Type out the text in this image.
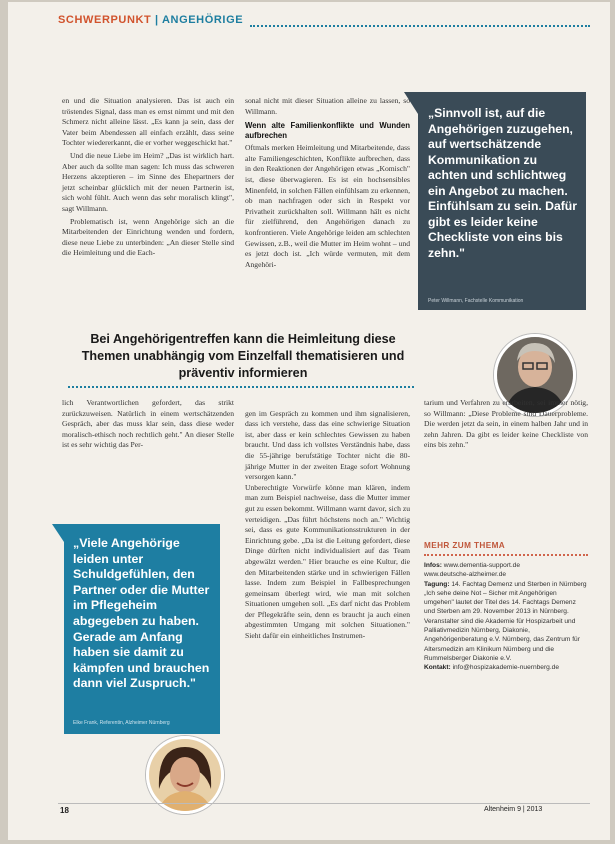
SCHWERPUNKT | ANGEHÖRIGE

en und die Situation analysieren. Das ist auch ein tröstendes Signal, dass man es ernst nimmt und mit den Schmerz nicht alleine lässt. „Es kann ja sein, dass der Vater beim Abendessen all einfach erzählt, dass seine Tochter wiedererkannt, die er vorher weggeschickt hat."

Und die neue Liebe im Heim? „Das ist wirklich hart. Aber auch da sollte man sagen: Ich muss das schweren Herzens akzeptieren – im Sinne des Ehepartners der jetzt scheinbar glücklich mit der neuen Partnerin ist, sich wohl fühlt. Auch wenn das sehr moralisch klingt", sagt Willmann.

Problematisch ist, wenn Angehörige sich an die Mitarbeitenden der Einrichtung wenden und fordern, diese neue Liebe zu unterbinden: „An dieser Stelle sind die Heimleitung und die Each-

sonal nicht mit dieser Situation alleine zu lassen, so Willmann.

Wenn alte Familienkonflikte und Wunden aufbrechen

Oftmals merken Heimleitung und Mitarbeitende, dass alte Familiengeschichten, Konflikte aufbrechen, dass in den Reaktionen der Angehörigen etwas „Komisch" ist, diese überwagieren. Es ist ein hochsensibles Minenfeld, in solchen Fällen einfühlsam zu erkennen, ob man nachfragen oder sich in Respekt vor Privatheit zurückhalten soll. Willmann hält es nicht für zielführend, den Angehörigen danach zu konfrontieren. Viele Angehörige leiden am schlechten Gewissen, z.B., weil die Mutter im Heim wohnt – und es jetzt doch ist. „Ich würde vermuten, mit dem Angehöri-

„Sinnvoll ist, auf die Angehörigen zuzugehen, auf wertschätzende Kommunikation zu achten und schlichtweg ein Angebot zu machen. Einfühlsam zu sein. Dafür gibt es leider keine Checkliste von eins bis zehn."
Peter Willmann, Fachstelle Kommunikation
Bei Angehörigentreffen kann die Heimleitung diese Themen unabhängig vom Einzelfall thematisieren und präventiv informieren

lich Verantwortlichen gefordert, das strikt zurückzuweisen. Natürlich in einem wertschätzenden Gespräch, aber das muss klar sein, dass diese weder moralisch-ethisch noch rechtlich geht." An dieser Stelle ist es sehr wichtig das Per-

gen im Gespräch zu kommen und ihm signalisieren, dass ich verstehe, dass das eine schwierige Situation ist, aber dass er kein schlechtes Gewissen zu haben braucht. Und dass ich vollstes Verständnis habe, dass die 55-jährige berufstätige Tochter nicht die 80-jährige Mutter in der zweiten Etage sofort Wohnung versorgen kann."
Unberechtigte Vorwürfe könne man klären, indem man zum Beispiel nachweise, dass die Mutter immer gut zu essen bekommt. Willmann warnt davor, sich zu verteidigen. „Das führt höchstens noch an." Wichtig sei, dass es gute Kommunikationsstrukturen in der Einrichtung gebe. „Da ist die Leitung gefordert, diese Dinge dürften nicht individualisiert auf das Team abgewälzt werden." Hier brauche es eine Kultur, die den Mitarbeitenden stärke und in schwierigen Fällen lasse. Indem zum Beispiel in Fallbesprechungen gemeinsam überlegt wird, wie man mit solchen Situationen umgehen soll. „Es darf nicht das Problem der Pflegekräfte sein, denn es braucht ja auch einen abgestimmten Umgang mit solchen Situationen." Sieht dafür ein einheitliches Instrumen-

tarium und Verfahren zu erarbeiten, sei immer nötig, so Willmann: „Diese Probleme sind Dauerprobleme. Die werden jetzt da sein, in einem halben Jahr und in zehn Jahren. Da gibt es leider keine Checkliste von eins bis zehn."

„Viele Angehörige leiden unter Schuldgefühlen, den Partner oder die Mutter im Pflegeheim abgegeben zu haben. Gerade am Anfang haben sie damit zu kämpfen und brauchen dann viel Zuspruch."
Elke Frank, Referentin, Alzheimer Nürnberg
MEHR ZUM THEMA
Infos: www.dementia-support.de
www.deutsche-alzheimer.de
Tagung: 14. Fachtag Demenz und Sterben in Nürnberg „Ich sehe deine Not – Sicher mit Angehörigen umgehen" lautet der Titel des 14. Fachtags Demenz und Sterben am 29. November 2013 in Nürnberg. Veranstalter sind die Akademie für Hospizarbeit und Palliativmedizin Nürnberg, Diakonie, Angehörigenberatung e.V. Nürnberg, das Zentrum für Altersmedizin am Klinikum Nürnberg und die Rummelsberger Diakonie e.V.
Kontakt: info@hospizakademie-nuernberg.de
18	Altenheim 9 | 2013
